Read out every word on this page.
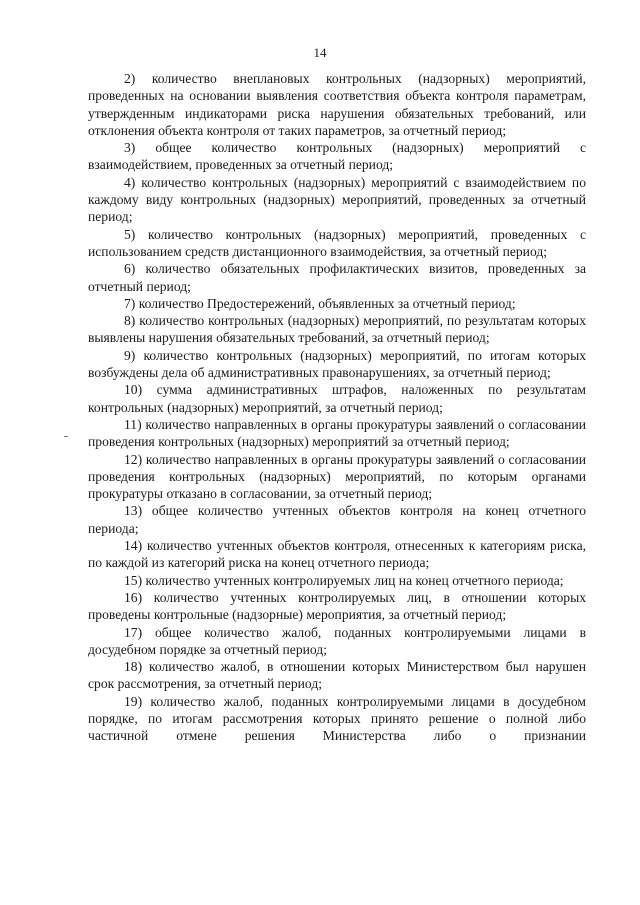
14

2) количество внеплановых контрольных (надзорных) мероприятий, проведенных на основании выявления соответствия объекта контроля параметрам, утвержденным индикаторами риска нарушения обязательных требований, или отклонения объекта контроля от таких параметров, за отчетный период;

3) общее количество контрольных (надзорных) мероприятий с взаимодействием, проведенных за отчетный период;

4) количество контрольных (надзорных) мероприятий с взаимодействием по каждому виду контрольных (надзорных) мероприятий, проведенных за отчетный период;

5) количество контрольных (надзорных) мероприятий, проведенных с использованием средств дистанционного взаимодействия, за отчетный период;

6) количество обязательных профилактических визитов, проведенных за отчетный период;

7) количество Предостережений, объявленных за отчетный период;

8) количество контрольных (надзорных) мероприятий, по результатам которых выявлены нарушения обязательных требований, за отчетный период;

9) количество контрольных (надзорных) мероприятий, по итогам которых возбуждены дела об административных правонарушениях, за отчетный период;

10) сумма административных штрафов, наложенных по результатам контрольных (надзорных) мероприятий, за отчетный период;

11) количество направленных в органы прокуратуры заявлений о согласовании проведения контрольных (надзорных) мероприятий за отчетный период;

12) количество направленных в органы прокуратуры заявлений о согласовании проведения контрольных (надзорных) мероприятий, по которым органами прокуратуры отказано в согласовании, за отчетный период;

13) общее количество учтенных объектов контроля на конец отчетного периода;

14) количество учтенных объектов контроля, отнесенных к категориям риска, по каждой из категорий риска на конец отчетного периода;

15) количество учтенных контролируемых лиц на конец отчетного периода;

16) количество учтенных контролируемых лиц, в отношении которых проведены контрольные (надзорные) мероприятия, за отчетный период;

17) общее количество жалоб, поданных контролируемыми лицами в досудебном порядке за отчетный период;

18) количество жалоб, в отношении которых Министерством был нарушен срок рассмотрения, за отчетный период;

19) количество жалоб, поданных контролируемыми лицами в досудебном порядке, по итогам рассмотрения которых принято решение о полной либо частичной отмене решения Министерства либо о признании
